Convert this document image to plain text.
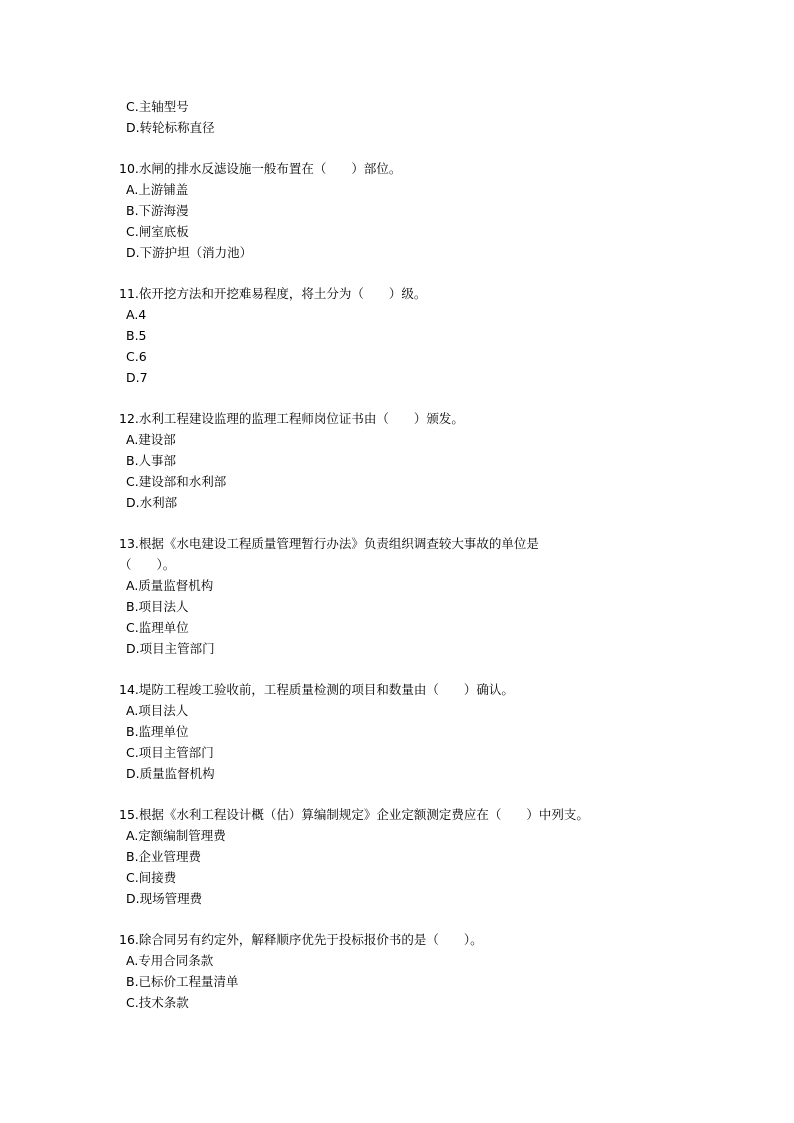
C.主轴型号
D.转轮标称直径
10.水闸的排水反滤设施一般布置在（　　）部位。
A.上游铺盖
B.下游海漫
C.闸室底板
D.下游护坦（消力池）
11.依开挖方法和开挖难易程度，将土分为（　　）级。
A.4
B.5
C.6
D.7
12.水利工程建设监理的监理工程师岗位证书由（　　）颁发。
A.建设部
B.人事部
C.建设部和水利部
D.水利部
13.根据《水电建设工程质量管理暂行办法》负责组织调查较大事故的单位是
（　　）。
A.质量监督机构
B.项目法人
C.监理单位
D.项目主管部门
14.堤防工程竣工验收前，工程质量检测的项目和数量由（　　）确认。
A.项目法人
B.监理单位
C.项目主管部门
D.质量监督机构
15.根据《水利工程设计概（估）算编制规定》企业定额测定费应在（　　）中列支。
A.定额编制管理费
B.企业管理费
C.间接费
D.现场管理费
16.除合同另有约定外，解释顺序优先于投标报价书的是（　　）。
A.专用合同条款
B.已标价工程量清单
C.技术条款
